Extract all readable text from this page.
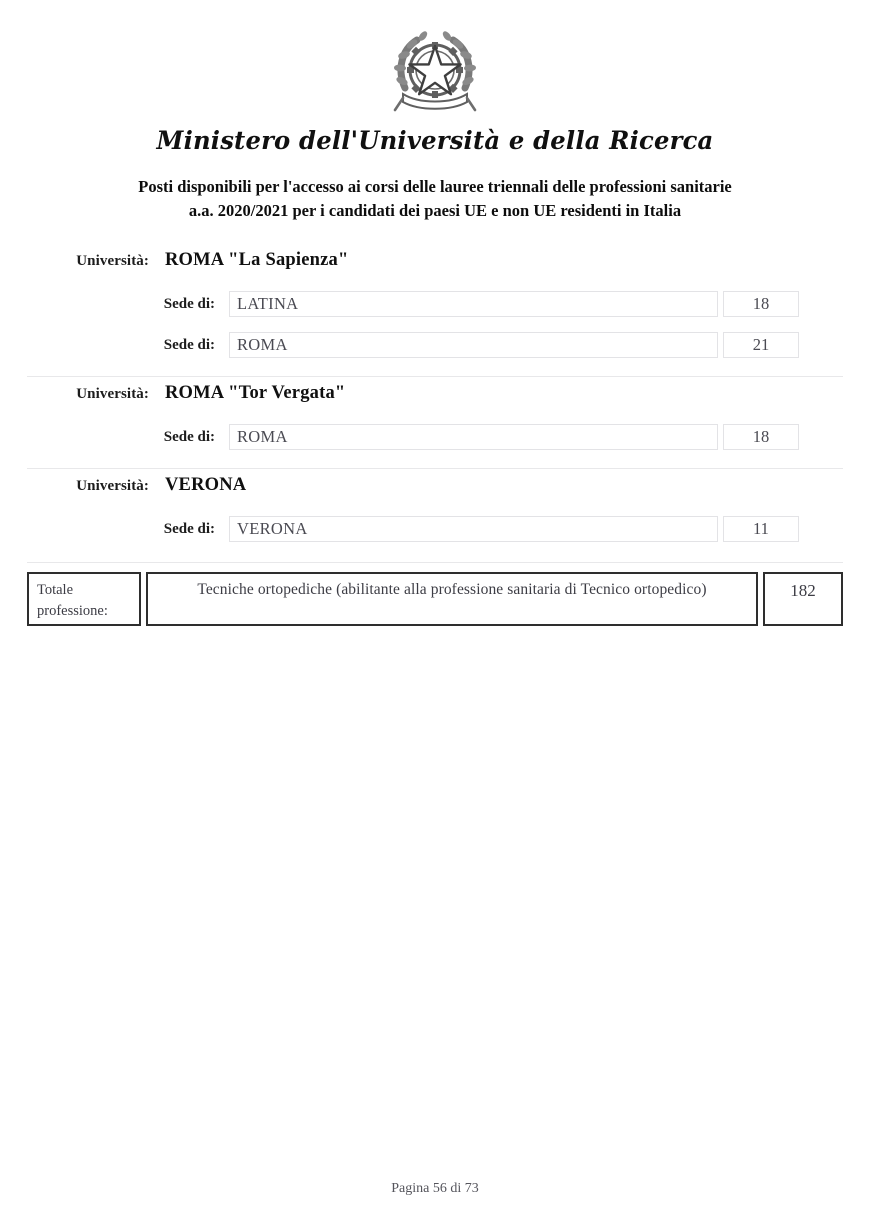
Ministero dell'Università e della Ricerca
Posti disponibili per l'accesso ai corsi delle lauree triennali delle professioni sanitarie
a.a. 2020/2021 per i candidati dei paesi UE e non UE residenti in Italia
Università: ROMA "La Sapienza"
Sede di:	LATINA	18
Sede di:	ROMA	21
Università: ROMA "Tor Vergata"
Sede di:	ROMA	18
Università: VERONA
Sede di:	VERONA	11
Totale
professione:
Tecniche ortopediche (abilitante alla professione sanitaria di Tecnico ortopedico)	182
Pagina 56 di 73
